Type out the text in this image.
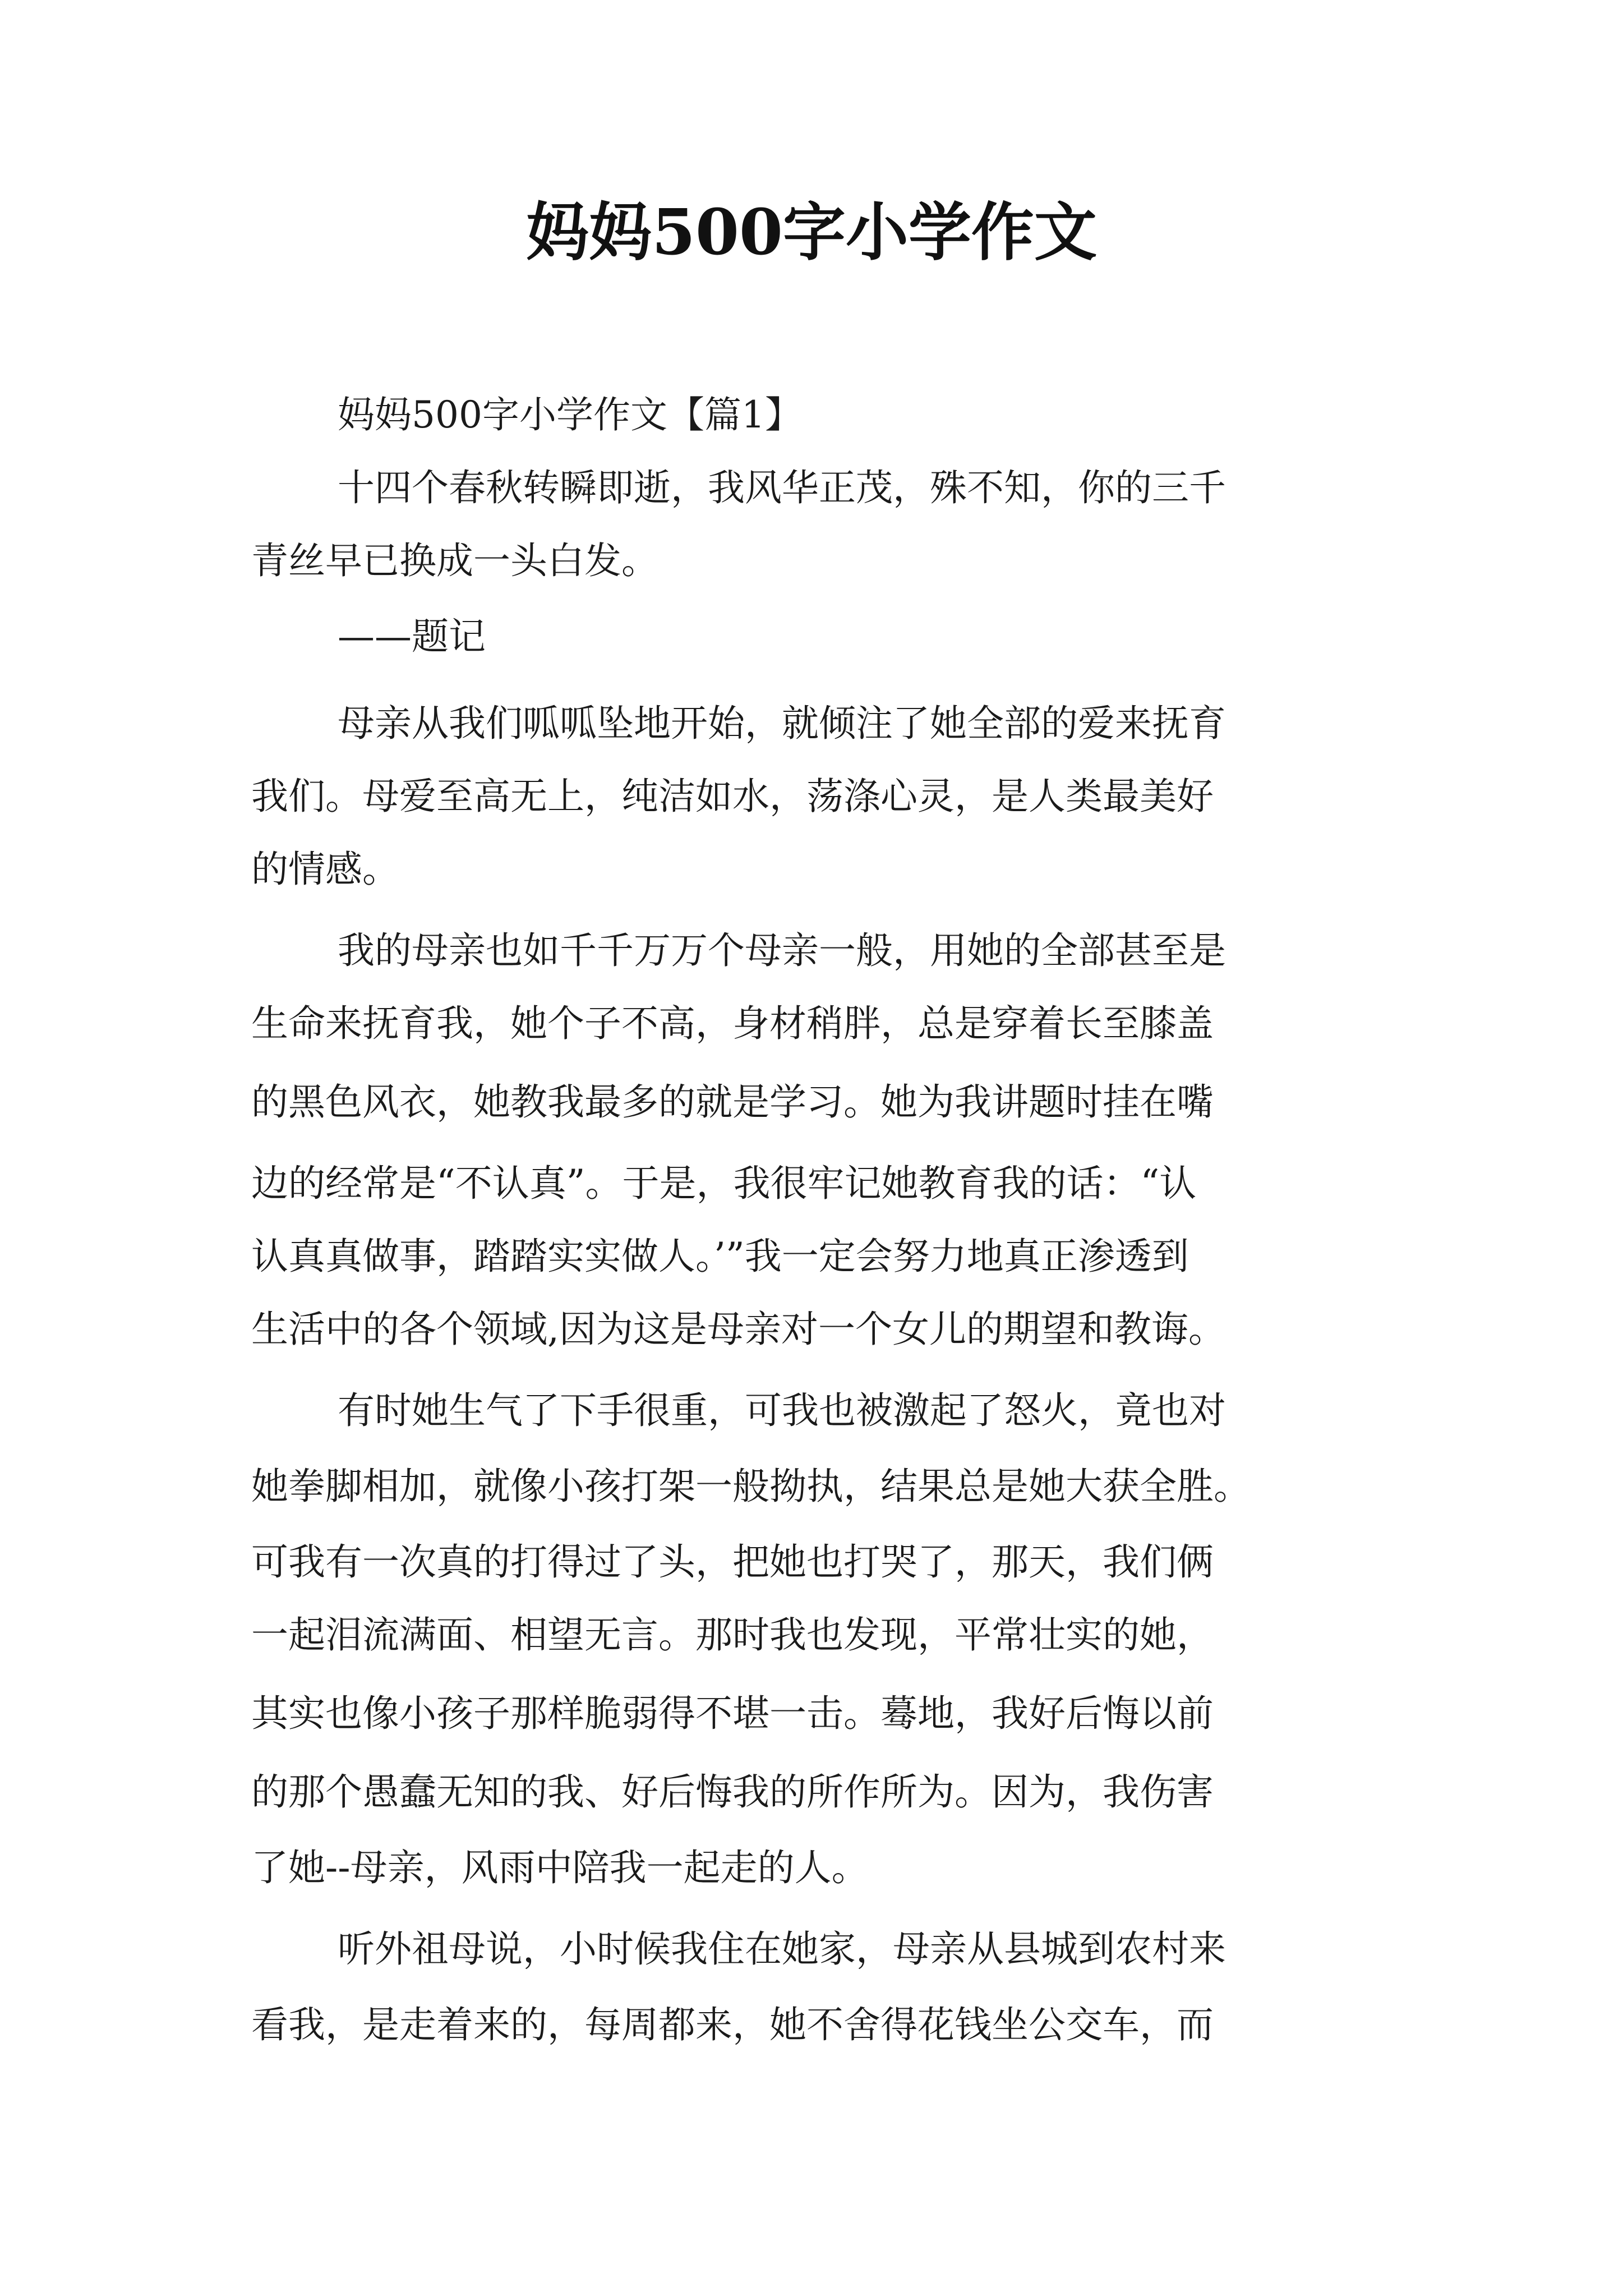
妈妈500字小学作文

妈妈500字小学作文【篇1】

十四个春秋转瞬即逝，我风华正茂，殊不知，你的三千

青丝早已换成一头白发。

——题记

母亲从我们呱呱坠地开始，就倾注了她全部的爱来抚育

我们。母爱至高无上，纯洁如水，荡涤心灵，是人类最美好

的情感。

我的母亲也如千千万万个母亲一般，用她的全部甚至是

生命来抚育我，她个子不高，身材稍胖，总是穿着长至膝盖

的黑色风衣，她教我最多的就是学习。她为我讲题时挂在嘴

边的经常是“不认真”。于是，我很牢记她教育我的话：“认

认真真做事，踏踏实实做人。’”我一定会努力地真正渗透到

生活中的各个领域,因为这是母亲对一个女儿的期望和教诲。

有时她生气了下手很重，可我也被激起了怒火，竟也对

她拳脚相加，就像小孩打架一般拗执，结果总是她大获全胜。

可我有一次真的打得过了头，把她也打哭了，那天，我们俩

一起泪流满面、相望无言。那时我也发现，平常壮实的她，

其实也像小孩子那样脆弱得不堪一击。蓦地，我好后悔以前

的那个愚蠢无知的我、好后悔我的所作所为。因为，我伤害

了她--母亲，风雨中陪我一起走的人。

听外祖母说，小时候我住在她家，母亲从县城到农村来

看我，是走着来的，每周都来，她不舍得花钱坐公交车，而
